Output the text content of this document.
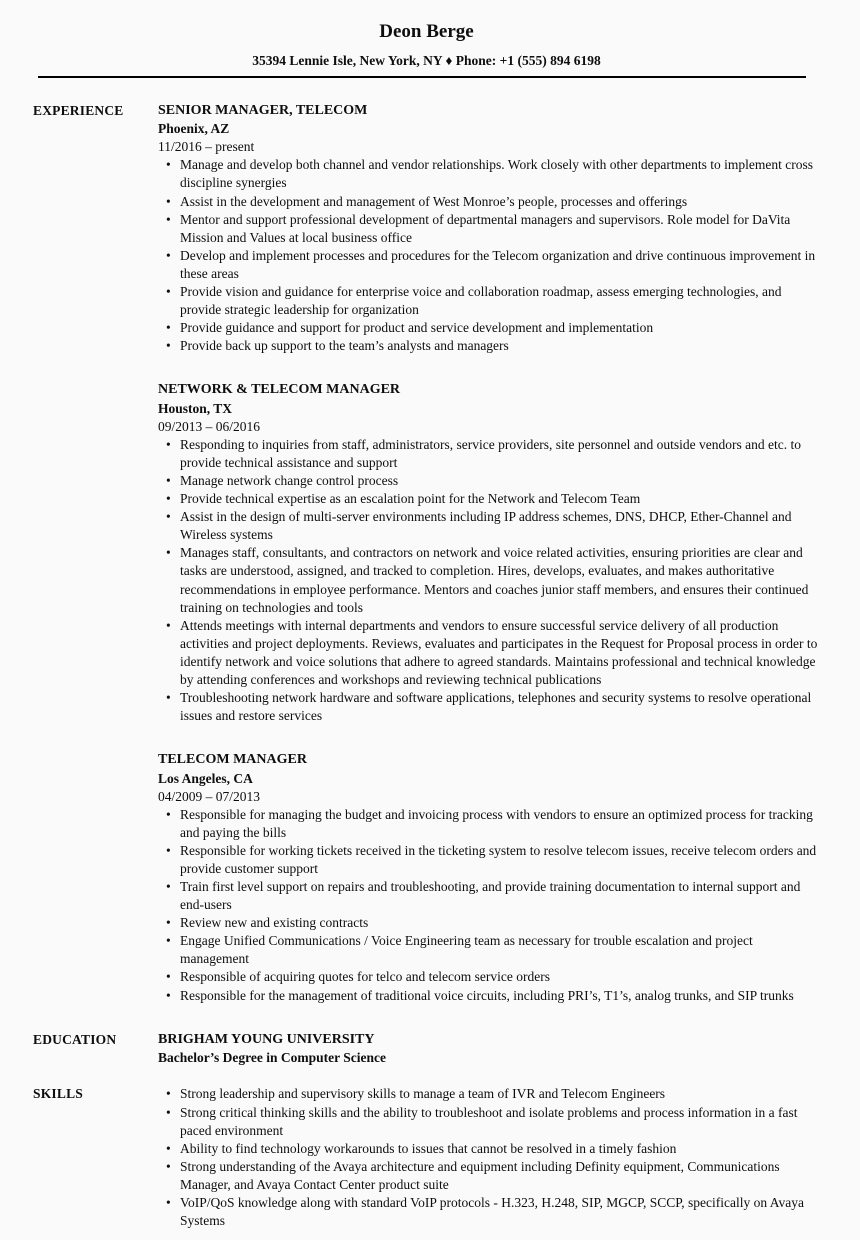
Deon Berge
35394 Lennie Isle, New York, NY ♦ Phone: +1 (555) 894 6198
EXPERIENCE	SENIOR MANAGER, TELECOM
Phoenix, AZ
11/2016 – present
• Manage and develop both channel and vendor relationships. Work closely with other departments to implement cross discipline synergies
• Assist in the development and management of West Monroe’s people, processes and offerings
• Mentor and support professional development of departmental managers and supervisors. Role model for DaVita Mission and Values at local business office
• Develop and implement processes and procedures for the Telecom organization and drive continuous improvement in these areas
• Provide vision and guidance for enterprise voice and collaboration roadmap, assess emerging technologies, and provide strategic leadership for organization
• Provide guidance and support for product and service development and implementation
• Provide back up support to the team’s analysts and managers
NETWORK & TELECOM MANAGER
Houston, TX
09/2013 – 06/2016
• Responding to inquiries from staff, administrators, service providers, site personnel and outside vendors and etc. to provide technical assistance and support
• Manage network change control process
• Provide technical expertise as an escalation point for the Network and Telecom Team
• Assist in the design of multi-server environments including IP address schemes, DNS, DHCP, Ether-Channel and Wireless systems
• Manages staff, consultants, and contractors on network and voice related activities, ensuring priorities are clear and tasks are understood, assigned, and tracked to completion. Hires, develops, evaluates, and makes authoritative recommendations in employee performance. Mentors and coaches junior staff members, and ensures their continued training on technologies and tools
• Attends meetings with internal departments and vendors to ensure successful service delivery of all production activities and project deployments. Reviews, evaluates and participates in the Request for Proposal process in order to identify network and voice solutions that adhere to agreed standards. Maintains professional and technical knowledge by attending conferences and workshops and reviewing technical publications
• Troubleshooting network hardware and software applications, telephones and security systems to resolve operational issues and restore services
TELECOM MANAGER
Los Angeles, CA
04/2009 – 07/2013
• Responsible for managing the budget and invoicing process with vendors to ensure an optimized process for tracking and paying the bills
• Responsible for working tickets received in the ticketing system to resolve telecom issues, receive telecom orders and provide customer support
• Train first level support on repairs and troubleshooting, and provide training documentation to internal support and end-users
• Review new and existing contracts
• Engage Unified Communications / Voice Engineering team as necessary for trouble escalation and project management
• Responsible of acquiring quotes for telco and telecom service orders
• Responsible for the management of traditional voice circuits, including PRI’s, T1’s, analog trunks, and SIP trunks
EDUCATION	BRIGHAM YOUNG UNIVERSITY
Bachelor’s Degree in Computer Science
SKILLS	• Strong leadership and supervisory skills to manage a team of IVR and Telecom Engineers
• Strong critical thinking skills and the ability to troubleshoot and isolate problems and process information in a fast paced environment
• Ability to find technology workarounds to issues that cannot be resolved in a timely fashion
• Strong understanding of the Avaya architecture and equipment including Definity equipment, Communications Manager, and Avaya Contact Center product suite
• VoIP/QoS knowledge along with standard VoIP protocols - H.323, H.248, SIP, MGCP, SCCP, specifically on Avaya Systems
